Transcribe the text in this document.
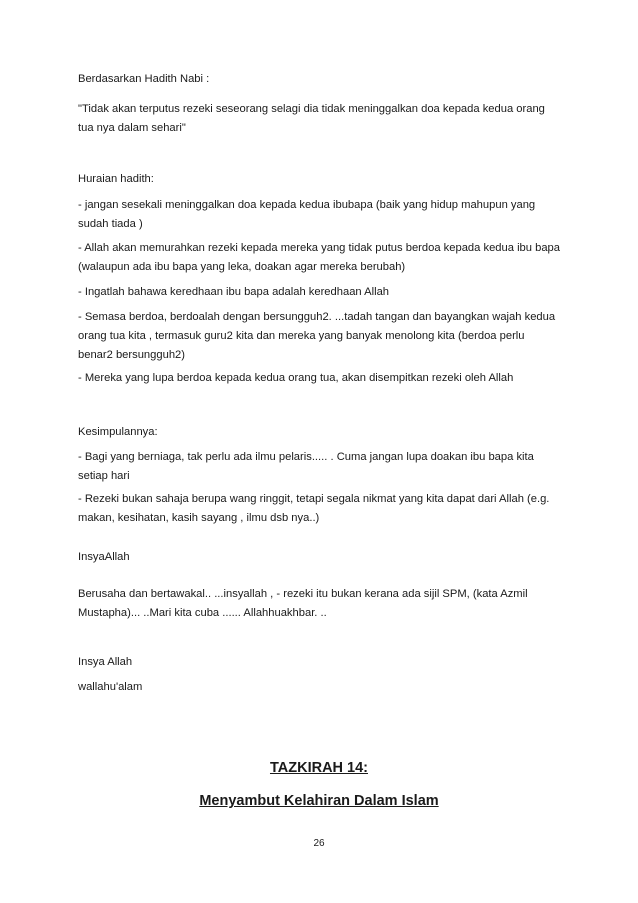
Berdasarkan Hadith Nabi :

"Tidak akan terputus rezeki seseorang selagi dia tidak meninggalkan doa kepada kedua orang tua nya dalam sehari"

Huraian hadith:

- jangan sesekali meninggalkan doa kepada kedua ibubapa (baik yang hidup mahupun yang sudah tiada )

- Allah akan memurahkan rezeki kepada mereka yang tidak putus berdoa kepada kedua ibu bapa (walaupun ada ibu bapa yang leka, doakan agar mereka berubah)

- Ingatlah bahawa keredhaan ibu bapa adalah keredhaan Allah

- Semasa berdoa, berdoalah dengan bersungguh2. ...tadah tangan dan bayangkan wajah kedua orang tua kita , termasuk guru2 kita dan mereka yang banyak menolong kita (berdoa perlu benar2 bersungguh2)

- Mereka yang lupa berdoa kepada kedua orang tua, akan disempitkan rezeki oleh Allah

Kesimpulannya:

- Bagi yang berniaga, tak perlu ada ilmu pelaris..... . Cuma jangan lupa doakan ibu bapa kita setiap hari

- Rezeki bukan sahaja berupa wang ringgit, tetapi segala nikmat yang kita dapat dari Allah (e.g. makan, kesihatan, kasih sayang , ilmu dsb nya..)

InsyaAllah

Berusaha dan bertawakal.. ...insyallah , - rezeki itu bukan kerana ada sijil SPM, (kata Azmil Mustapha)... ..Mari kita cuba ...... Allahhuakhbar. ..

Insya Allah

wallahu'alam

TAZKIRAH 14:

Menyambut Kelahiran Dalam Islam

26
